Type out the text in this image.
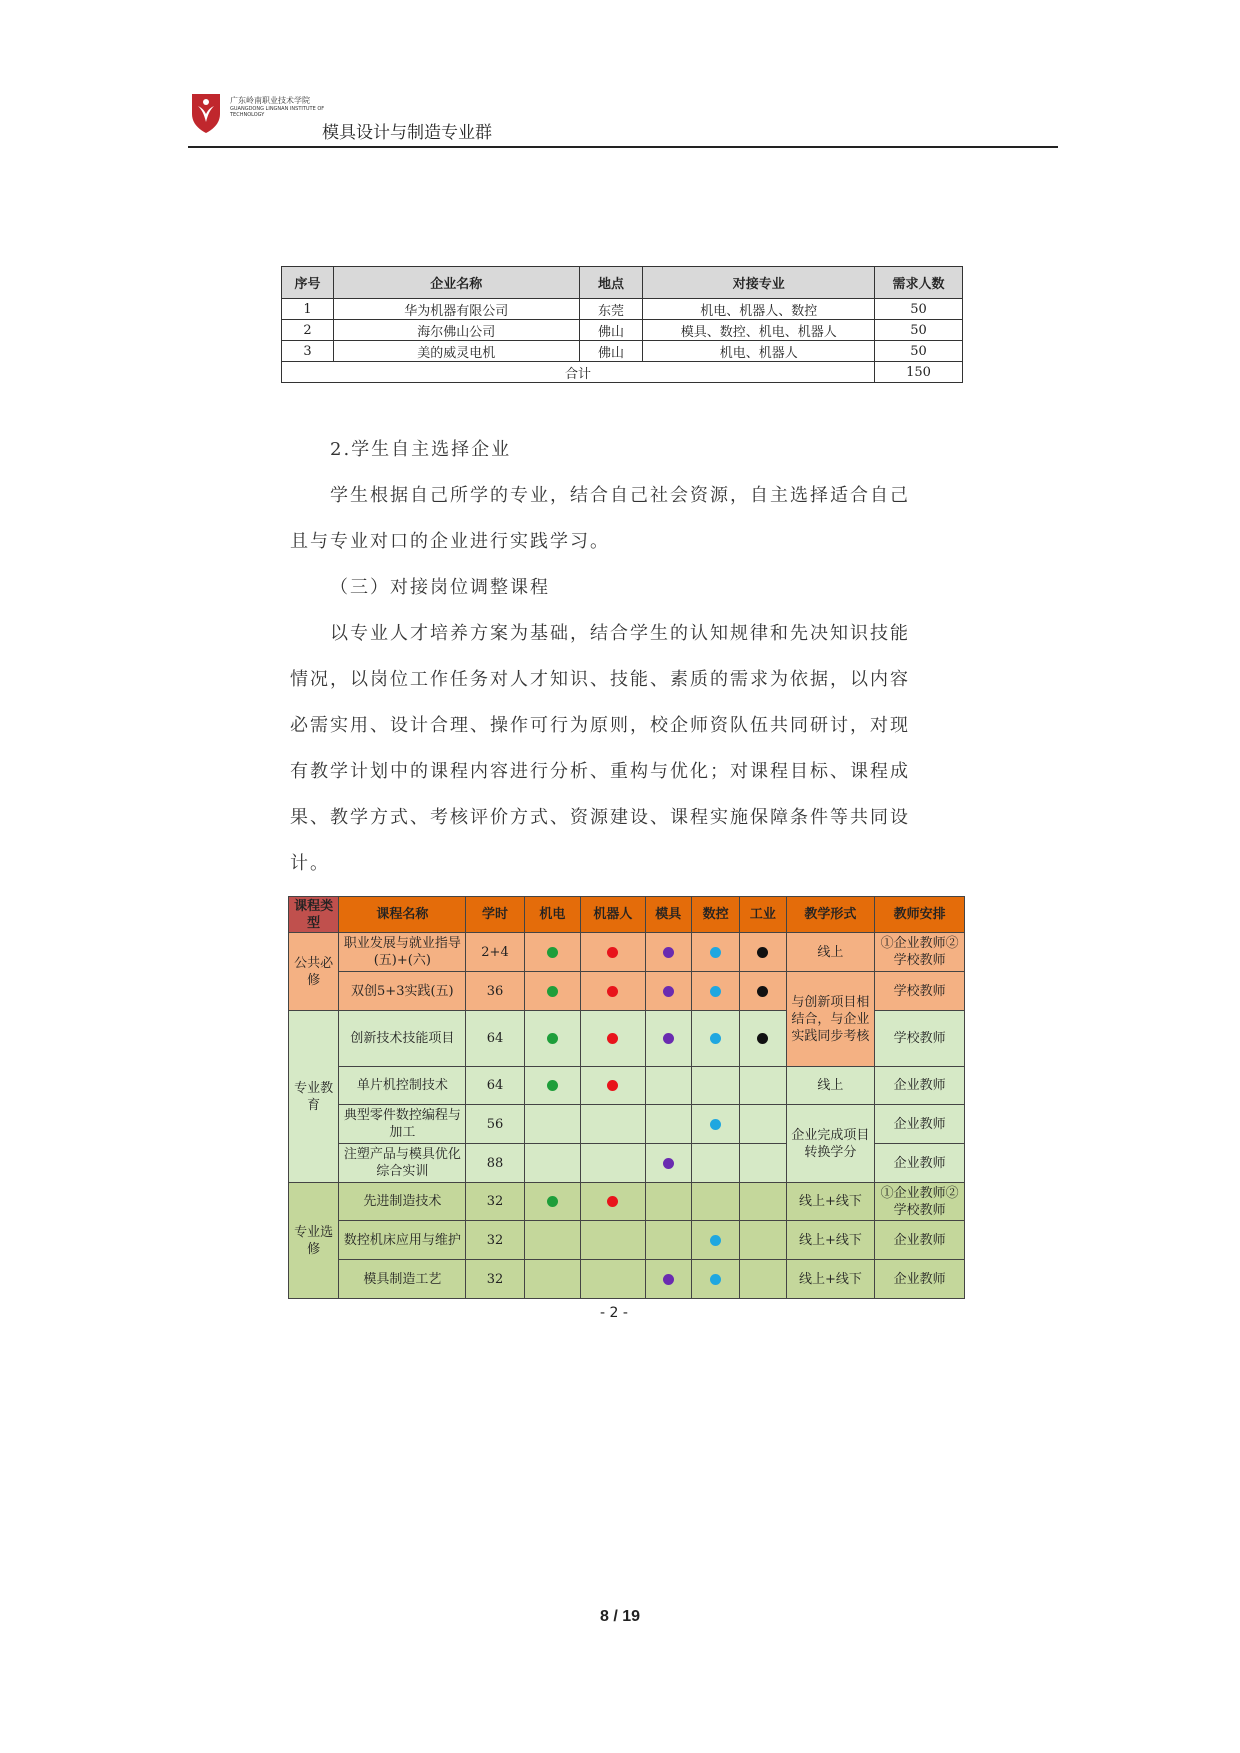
广东岭南职业技术学院
GUANGDONG LINGNAN INSTITUTE OF TECHNOLOGY
模具设计与制造专业群
序号	企业名称	地点	对接专业	需求人数
1	华为机器有限公司	东莞	机电、机器人、数控	50
2	海尔佛山公司	佛山	模具、数控、机电、机器人	50
3	美的威灵电机	佛山	机电、机器人	50
合计				150
2.学生自主选择企业
学生根据自己所学的专业，结合自己社会资源，自主选择适合自己
且与专业对口的企业进行实践学习。
（三）对接岗位调整课程
以专业人才培养方案为基础，结合学生的认知规律和先决知识技能
情况，以岗位工作任务对人才知识、技能、素质的需求为依据，以内容
必需实用、设计合理、操作可行为原则，校企师资队伍共同研讨，对现
有教学计划中的课程内容进行分析、重构与优化；对课程目标、课程成
果、教学方式、考核评价方式、资源建设、课程实施保障条件等共同设
计。
课程类型	课程名称	学时	机电	机器人	模具	数控	工业	教学形式	教师安排
公共必修	职业发展与就业指导(五)+(六)	2+4						线上	①企业教师②学校教师
	双创5+3实践(五)	36						与创新项目相结合，与企业实践同步考核	学校教师
专业教育	创新技术技能项目	64							学校教师
	单片机控制技术	64						线上	企业教师
	典型零件数控编程与加工	56						企业完成项目转换学分	企业教师
	注塑产品与模具优化综合实训	88							企业教师
专业选修	先进制造技术	32						线上+线下	①企业教师②学校教师
	数控机床应用与维护	32						线上+线下	企业教师
	模具制造工艺	32						线上+线下	企业教师
- 2 -
8 / 19
